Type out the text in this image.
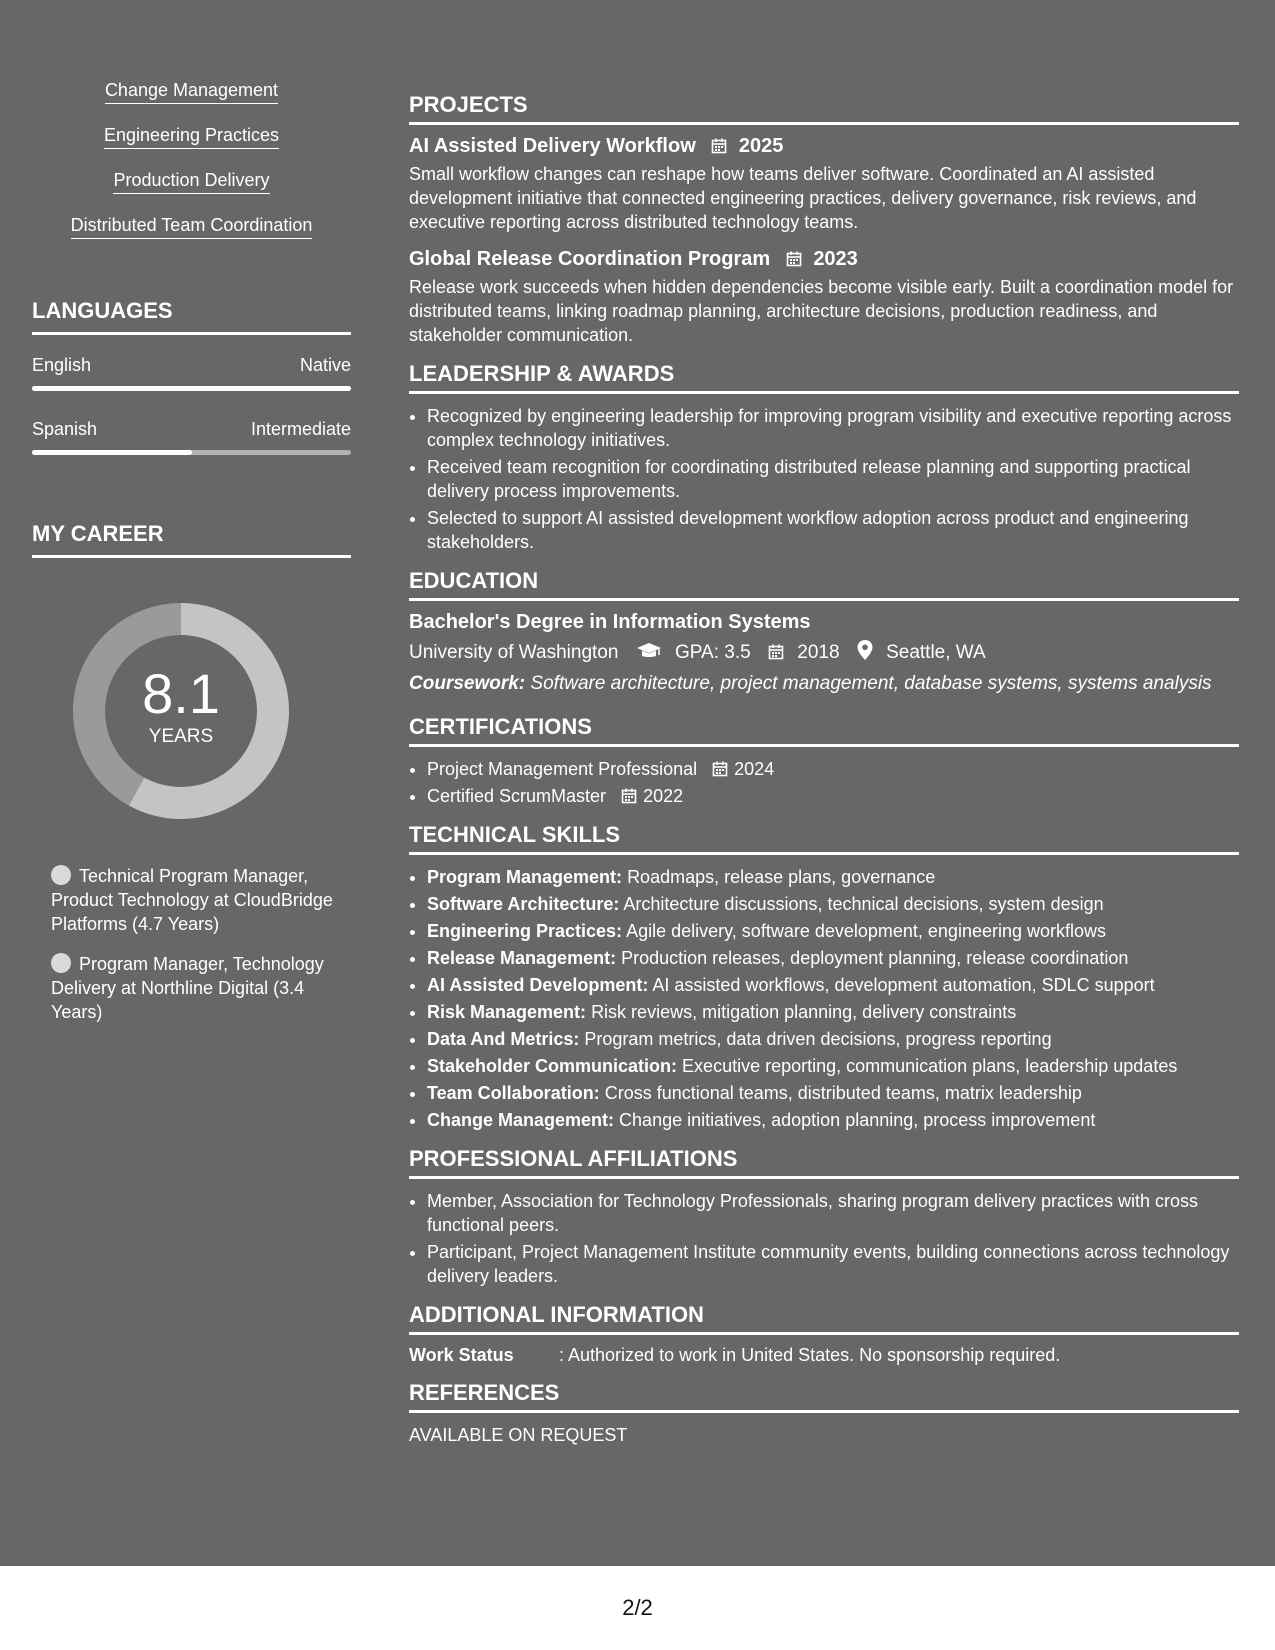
Change Management
Engineering Practices
Production Delivery
Distributed Team Coordination
LANGUAGES
English	Native
Spanish	Intermediate
MY CAREER
8.1
YEARS
Technical Program Manager, Product Technology at CloudBridge Platforms (4.7 Years)
Program Manager, Technology Delivery at Northline Digital (3.4 Years)
PROJECTS
AI Assisted Delivery Workflow 2025
Small workflow changes can reshape how teams deliver software. Coordinated an AI assisted development initiative that connected engineering practices, delivery governance, risk reviews, and executive reporting across distributed technology teams.
Global Release Coordination Program 2023
Release work succeeds when hidden dependencies become visible early. Built a coordination model for distributed teams, linking roadmap planning, architecture decisions, production readiness, and stakeholder communication.
LEADERSHIP & AWARDS
• Recognized by engineering leadership for improving program visibility and executive reporting across complex technology initiatives.
• Received team recognition for coordinating distributed release planning and supporting practical delivery process improvements.
• Selected to support AI assisted development workflow adoption across product and engineering stakeholders.
EDUCATION
Bachelor's Degree in Information Systems
University of Washington	GPA: 3.5 2018 Seattle, WA
Coursework: Software architecture, project management, database systems, systems analysis
CERTIFICATIONS
• Project Management Professional 2024
• Certified ScrumMaster 2022
TECHNICAL SKILLS
• Program Management: Roadmaps, release plans, governance
• Software Architecture: Architecture discussions, technical decisions, system design
• Engineering Practices: Agile delivery, software development, engineering workflows
• Release Management: Production releases, deployment planning, release coordination
• AI Assisted Development: AI assisted workflows, development automation, SDLC support
• Risk Management: Risk reviews, mitigation planning, delivery constraints
• Data And Metrics: Program metrics, data driven decisions, progress reporting
• Stakeholder Communication: Executive reporting, communication plans, leadership updates
• Team Collaboration: Cross functional teams, distributed teams, matrix leadership
• Change Management: Change initiatives, adoption planning, process improvement
PROFESSIONAL AFFILIATIONS
• Member, Association for Technology Professionals, sharing program delivery practices with cross functional peers.
• Participant, Project Management Institute community events, building connections across technology delivery leaders.
ADDITIONAL INFORMATION
Work Status	: Authorized to work in United States. No sponsorship required.
REFERENCES
AVAILABLE ON REQUEST
2/2
